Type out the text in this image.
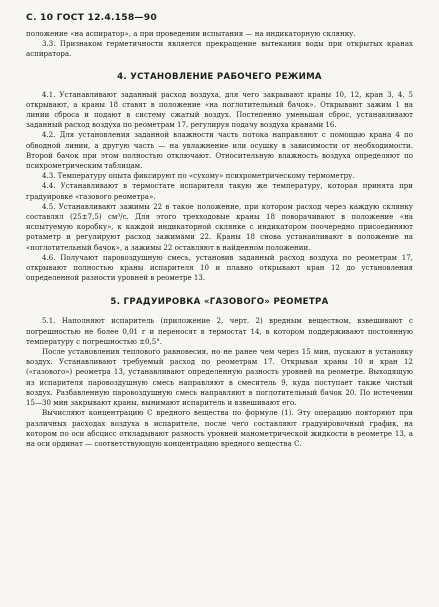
С. 10 ГОСТ 12.4.158—90

положение «на аспиратор», а при проведении испытания — на индикаторную склянку.

3.3. Признаком герметичности является прекращение вытекания воды при открытых кранах аспиратора.

4. УСТАНОВЛЕНИЕ РАБОЧЕГО РЕЖИМА

4.1. Устанавливают заданный расход воздуха, для чего закрывают краны 10, 12, кран 3, 4, 5 открывают, а краны 18 ставят в положение «на поглотительный бачок». Открывают зажим 1 на линии сброса и подают в систему сжатый воздух. Постепенно уменьшая сброс, устанавливают заданный расход воздуха по реометрам 17, регулируя подачу воздуха кранами 16.

4.2. Для установления заданной влажности часть потока направляют с помощью крана 4 по обводной линии, а другую часть — на увлажнение или осушку в зависимости от необходимости. Второй бачок при этом полностью отключают. Относительную влажность воздуха определяют по психрометрическим таблицам.

4.3. Температуру опыта фиксируют по «сухому» психрометрическому термометру.

4.4. Устанавливают в термостате испарителя такую же температуру, которая принята при градуировке «газового реометра».

4.5. Устанавливают зажимы 22 в такое положение, при котором расход через каждую склянку составлял (25±7,5) см³/с. Для этого трехходовые краны 18 поворачивают в положение «на испытуемую коробку», к каждой индикаторной склянке с индикатором поочередно присоединяют ротаметр и регулируют расход зажимами 22. Краны 18 снова устанавливают в положение на «поглотительный бачок», а зажимы 22 оставляют в найденном положении.

4.6. Получают паровоздушную смесь, установив заданный расход воздуха по реометрам 17, открывают полностью краны испарителя 10 и плавно открывают кран 12 до установления определенной разности уровней в реометре 13.

5. ГРАДУИРОВКА «ГАЗОВОГО» РЕОМЕТРА

5.1. Наполняют испаритель (приложение 2, черт. 2) вредным веществом, взвешивают с погрешностью не более 0,01 г и переносят в термостат 14, в котором поддерживают постоянную температуру с погрешностью ±0,5°.

После установления теплового равновесия, но не ранее чем через 15 мин, пускают в установку воздух. Устанавливают требуемый расход по реометрам 17. Открывая краны 10 и кран 12 («газового») реометра 13, устанавливают определенную разность уровней на реометре. Выходящую из испарителя паровоздушную смесь направляют в смеситель 9, куда поступает также чистый воздух. Разбавленную паровоздушную смесь направляют в поглотительный бачок 20. По истечении 15—30 мин закрывают краны, вынимают испаритель и взвешивают его.

Вычисляют концентрацию C вредного вещества по формуле (1). Эту операцию повторяют при различных расходах воздуха в испарителе, после чего составляют градуировочный график, на котором по оси абсцисс откладывают разность уровней манометрической жидкости в реометре 13, а на оси ординат — соответствующую концентрацию вредного вещества C.
